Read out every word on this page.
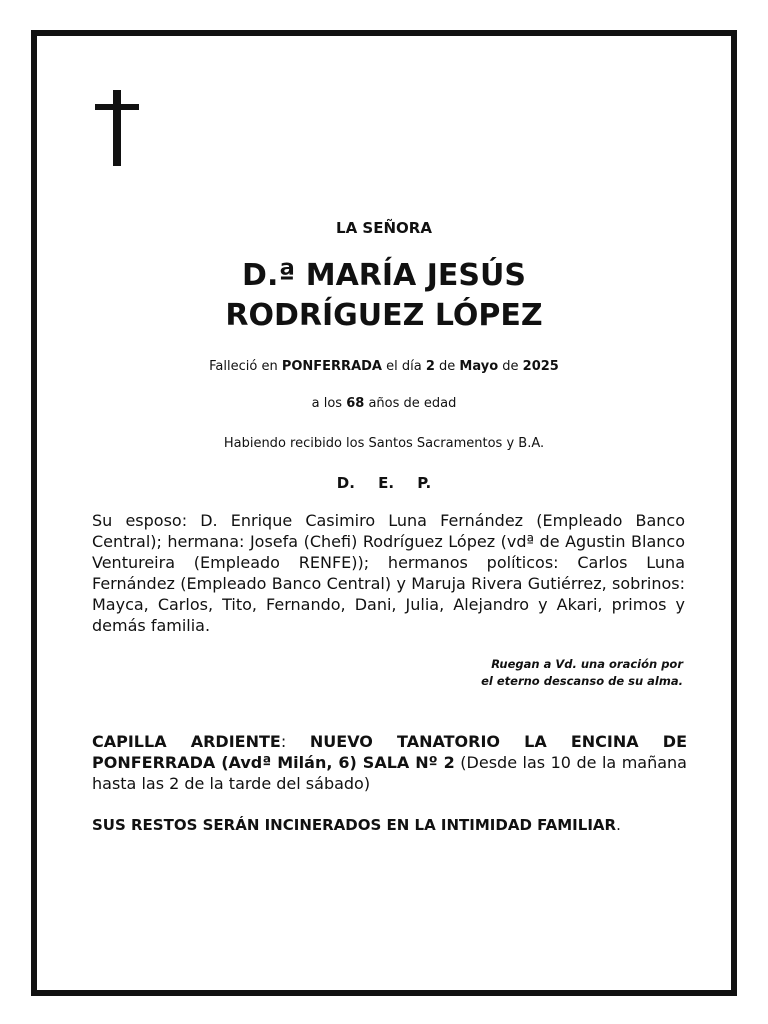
LA SEÑORA

D.ª MARÍA JESÚS
RODRÍGUEZ LÓPEZ

Falleció en PONFERRADA el día 2 de Mayo de 2025

a los 68 años de edad

Habiendo recibido los Santos Sacramentos y B.A.

D. E. P.

Su esposo: D. Enrique Casimiro Luna Fernández (Empleado Banco Central); hermana: Josefa (Chefi) Rodríguez López (vdª de Agustin Blanco Ventureira (Empleado RENFE)); hermanos políticos: Carlos Luna Fernández (Empleado Banco Central) y Maruja Rivera Gutiérrez, sobrinos: Mayca, Carlos, Tito, Fernando, Dani, Julia, Alejandro y Akari, primos y demás familia.

Ruegan a Vd. una oración por
el eterno descanso de su alma.

CAPILLA ARDIENTE: NUEVO TANATORIO LA ENCINA DE PONFERRADA (Avdª Milán, 6) SALA Nº 2 (Desde las 10 de la mañana hasta las 2 de la tarde del sábado)

SUS RESTOS SERÁN INCINERADOS EN LA INTIMIDAD FAMILIAR.
